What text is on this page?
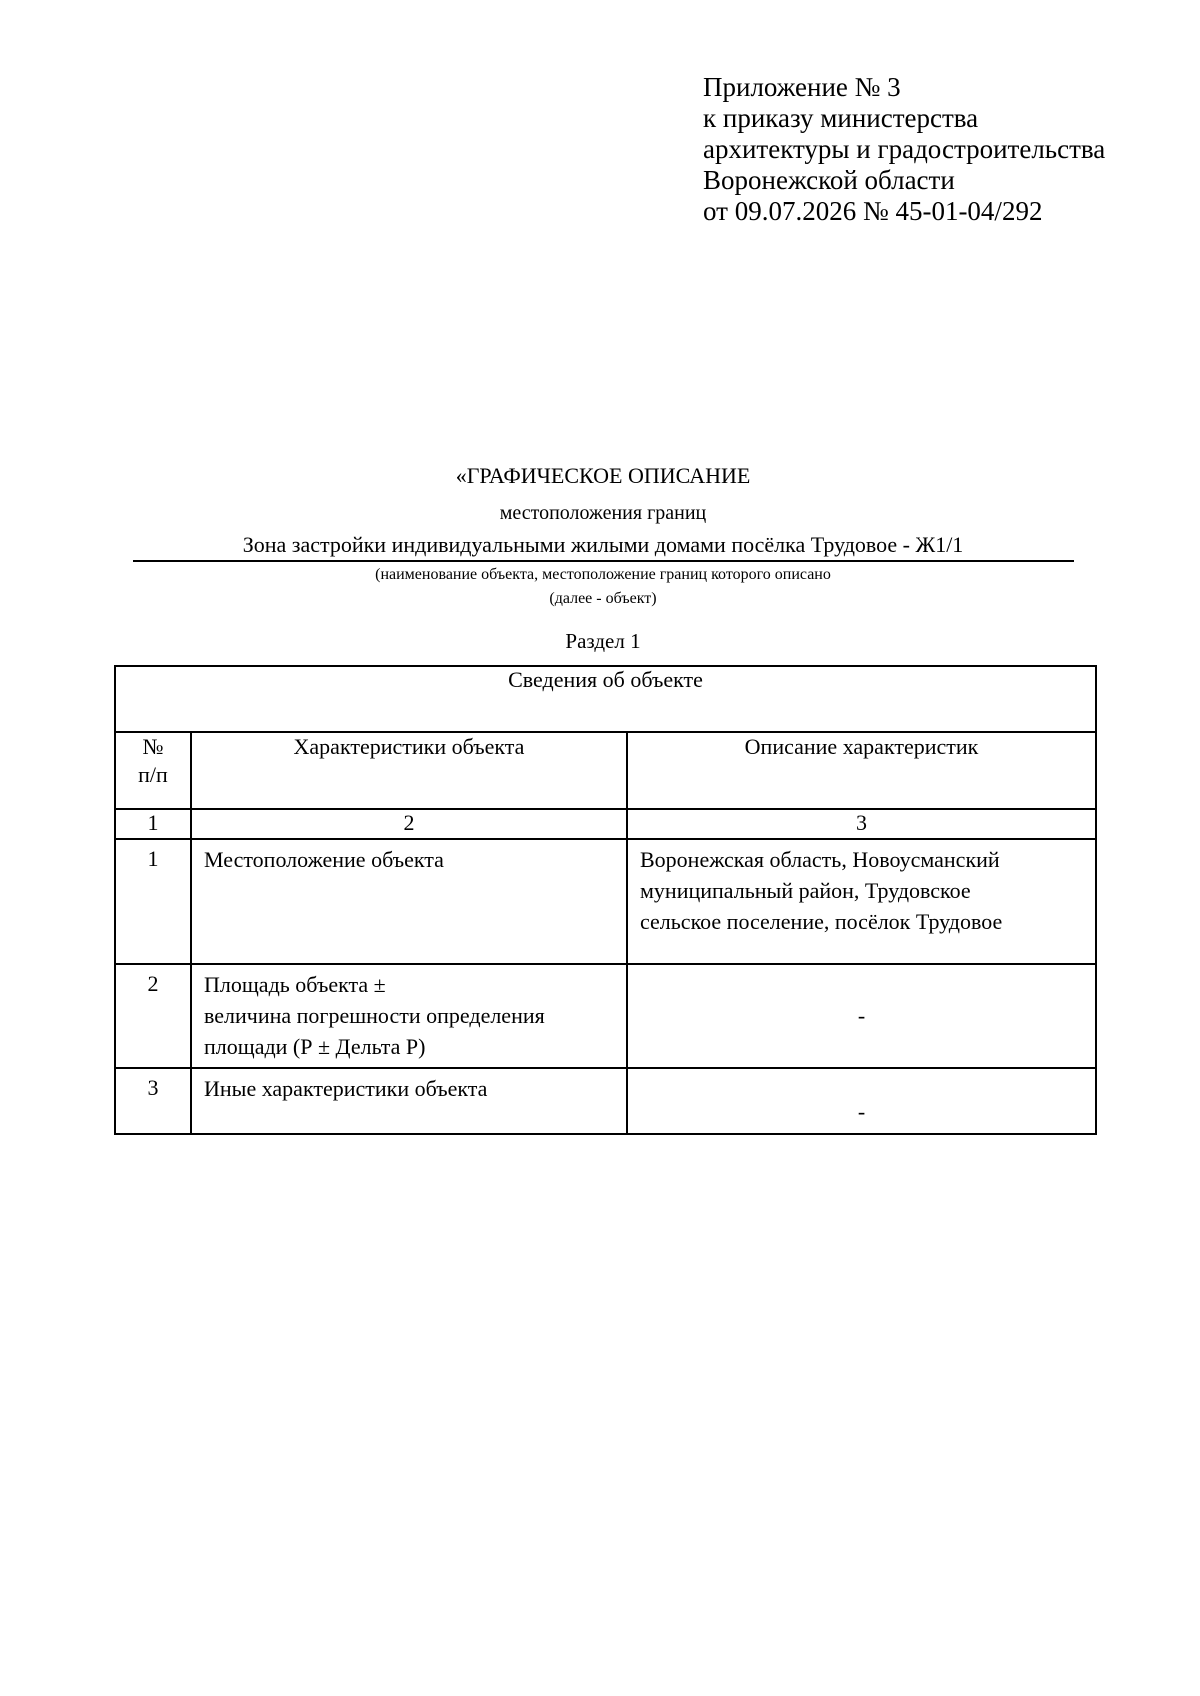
Приложение № 3
к приказу министерства
архитектуры и градостроительства
Воронежской области
от 09.07.2026 № 45-01-04/292
«ГРАФИЧЕСКОЕ ОПИСАНИЕ
местоположения границ
Зона застройки индивидуальными жилыми домами посёлка Трудовое - Ж1/1
(наименование объекта, местоположение границ которого описано
(далее - объект)
Раздел 1
Сведения об объекте		

№
п/п	Характеристики объекта	Описание характеристик
1	2	3
1	Местоположение объекта	Воронежская область, Новоусманский
муниципальный район, Трудовское
сельское поселение, посёлок Трудовое

2	Площадь объекта ±
величина погрешности определения
площади (Р ± Дельта Р)	-
3	Иные характеристики объекта	-
